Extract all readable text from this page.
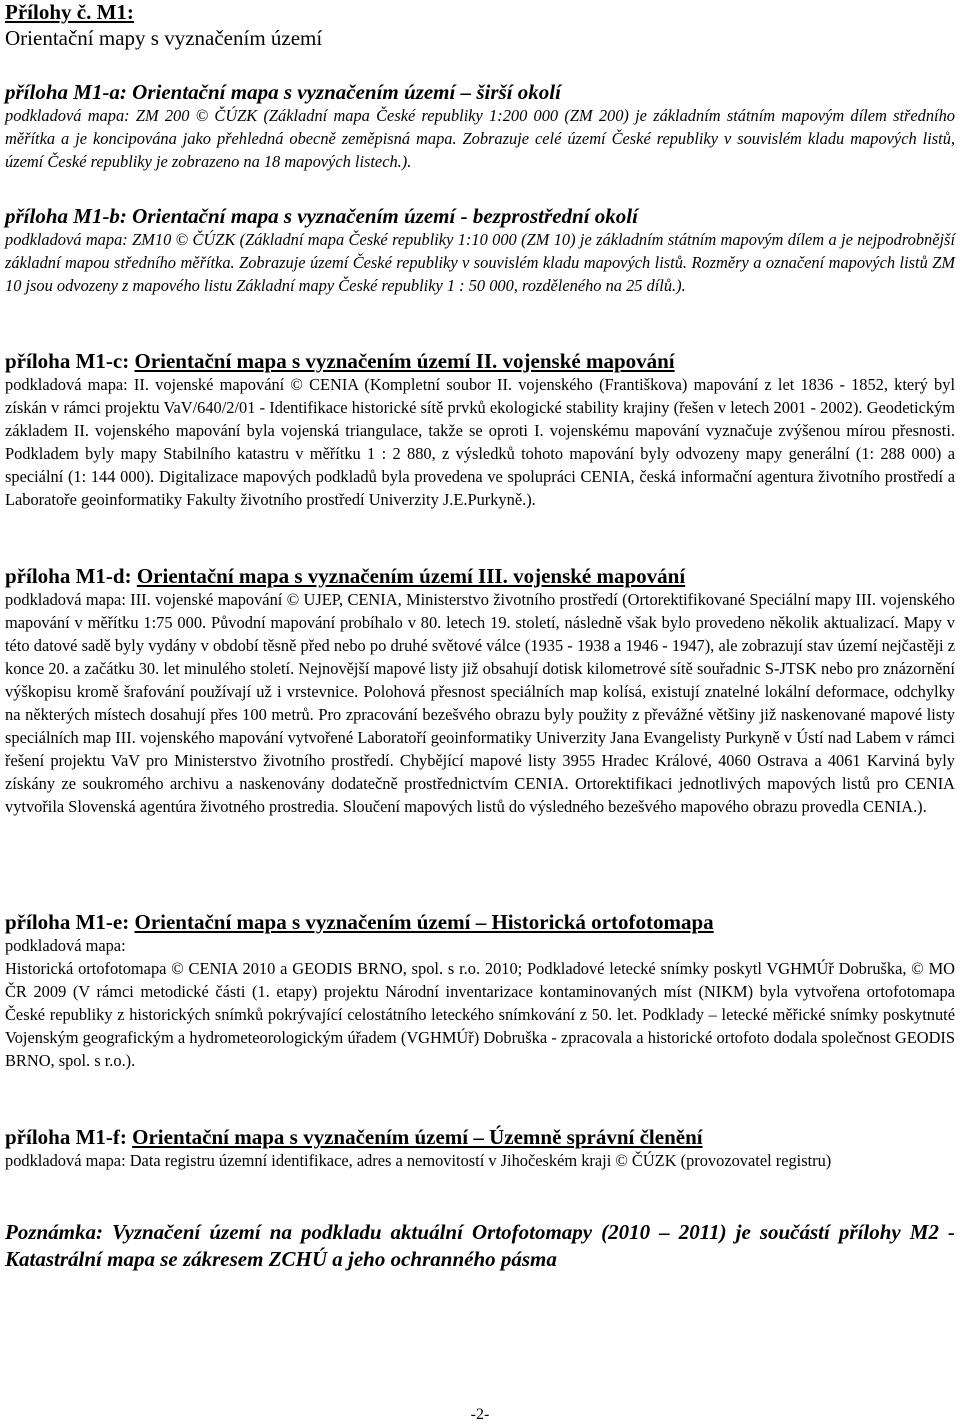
Přílohy č. M1:
Orientační mapy s vyznačením území
příloha M1-a: Orientační mapa s vyznačením území – širší okolí

podkladová mapa: ZM 200 © ČÚZK (Základní mapa České republiky 1:200 000 (ZM 200) je základním státním mapovým dílem středního měřítka a je koncipována jako přehledná obecně zeměpisná mapa. Zobrazuje celé území České republiky v souvislém kladu mapových listů, území České republiky je zobrazeno na 18 mapových listech.).

příloha M1-b: Orientační mapa s vyznačením území - bezprostřední okolí

podkladová mapa: ZM10 © ČÚZK (Základní mapa České republiky 1:10 000 (ZM 10) je základním státním mapovým dílem a je nejpodrobnější základní mapou středního měřítka. Zobrazuje území České republiky v souvislém kladu mapových listů. Rozměry a označení mapových listů ZM 10 jsou odvozeny z mapového listu Základní mapy České republiky 1 : 50 000, rozděleného na 25 dílů.).

příloha M1-c: Orientační mapa s vyznačením území II. vojenské mapování

podkladová mapa: II. vojenské mapování © CENIA (Kompletní soubor II. vojenského (Františkova) mapování z let 1836 - 1852, který byl získán v rámci projektu VaV/640/2/01 - Identifikace historické sítě prvků ekologické stability krajiny (řešen v letech 2001 - 2002). Geodetickým základem II. vojenského mapování byla vojenská triangulace, takže se oproti I. vojenskému mapování vyznačuje zvýšenou mírou přesnosti. Podkladem byly mapy Stabilního katastru v měřítku 1 : 2 880, z výsledků tohoto mapování byly odvozeny mapy generální (1: 288 000) a speciální (1: 144 000). Digitalizace mapových podkladů byla provedena ve spolupráci CENIA, česká informační agentura životního prostředí a Laboratoře geoinformatiky Fakulty životního prostředí Univerzity J.E.Purkyně.).

příloha M1-d: Orientační mapa s vyznačením území III. vojenské mapování

podkladová mapa: III. vojenské mapování © UJEP, CENIA, Ministerstvo životního prostředí (Ortorektifikované Speciální mapy III. vojenského mapování v měřítku 1:75 000. Původní mapování probíhalo v 80. letech 19. století, následně však bylo provedeno několik aktualizací. Mapy v této datové sadě byly vydány v období těsně před nebo po druhé světové válce (1935 - 1938 a 1946 - 1947), ale zobrazují stav území nejčastěji z konce 20. a začátku 30. let minulého století. Nejnovější mapové listy již obsahují dotisk kilometrové sítě souřadnic S-JTSK nebo pro znázornění výškopisu kromě šrafování používají už i vrstevnice. Polohová přesnost speciálních map kolísá, existují znatelné lokální deformace, odchylky na některých místech dosahují přes 100 metrů. Pro zpracování bezešvého obrazu byly použity z převážné většiny již naskenované mapové listy speciálních map III. vojenského mapování vytvořené Laboratoří geoinformatiky Univerzity Jana Evangelisty Purkyně v Ústí nad Labem v rámci řešení projektu VaV pro Ministerstvo životního prostředí. Chybějící mapové listy 3955 Hradec Králové, 4060 Ostrava a 4061 Karviná byly získány ze soukromého archivu a naskenovány dodatečně prostřednictvím CENIA. Ortorektifikaci jednotlivých mapových listů pro CENIA vytvořila Slovenská agentúra životného prostredia. Sloučení mapových listů do výsledného bezešvého mapového obrazu provedla CENIA.).

příloha M1-e: Orientační mapa s vyznačením území – Historická ortofotomapa

podkladová mapa:
Historická ortofotomapa © CENIA 2010 a GEODIS BRNO, spol. s r.o. 2010; Podkladové letecké snímky poskytl VGHMÚř Dobruška, © MO ČR 2009 (V rámci metodické části (1. etapy) projektu Národní inventarizace kontaminovaných míst (NIKM) byla vytvořena ortofotomapa České republiky z historických snímků pokrývající celostátního leteckého snímkování z 50. let. Podklady – letecké měřické snímky poskytnuté Vojenským geografickým a hydrometeorologickým úřadem (VGHMÚř) Dobruška - zpracovala a historické ortofoto dodala společnost GEODIS BRNO, spol. s r.o.).

příloha M1-f: Orientační mapa s vyznačením území – Územně správní členění

podkladová mapa: Data registru územní identifikace, adres a nemovitostí v Jihočeském kraji © ČÚZK (provozovatel registru)

Poznámka: Vyznačení území na podkladu aktuální Ortofotomapy (2010 – 2011) je součástí přílohy M2 - Katastrální mapa se zákresem ZCHÚ a jeho ochranného pásma
-2-
